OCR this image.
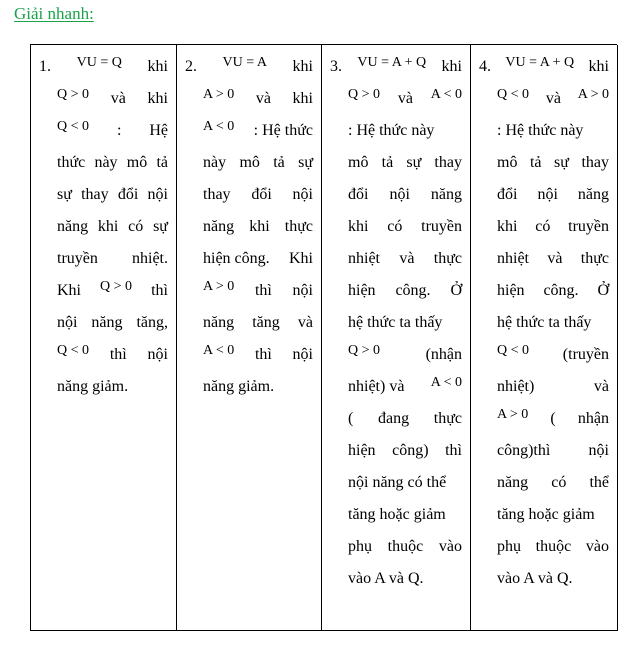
Giải nhanh:
1. VU = Q khi
Q > 0 và khi
Q < 0 : Hệ
thức này mô tả
sự thay đổi nội
năng khi có sự
truyền nhiệt.
Khi Q > 0 thì
nội năng tăng,
Q < 0 thì nội
năng giảm.
2. VU = A khi
A > 0 và khi
A < 0 : Hệ thức
này mô tả sự
thay đổi nội
năng khi thực
hiện công. Khi
A > 0 thì nội
năng tăng và
A < 0 thì nội
năng giảm.
3. VU = A + Q khi
Q > 0 và A < 0
: Hệ thức này
mô tả sự thay
đổi nội năng
khi có truyền
nhiệt và thực
hiện công. Ở
hệ thức ta thấy
Q > 0	(nhận
nhiệt) và A < 0
( đang thực
hiện công) thì
nội năng có thể
tăng hoặc giảm
phụ thuộc vào
vào A và Q.
4. VU = A + Q khi
Q < 0 và A > 0
: Hệ thức này
mô tả sự thay
đổi nội năng
khi có truyền
nhiệt và thực
hiện công. Ở
hệ thức ta thấy
Q < 0 (truyền
nhiệt)	và
A > 0 ( nhận
công)thì nội
năng có thể
tăng hoặc giảm
phụ thuộc vào
vào A và Q.
